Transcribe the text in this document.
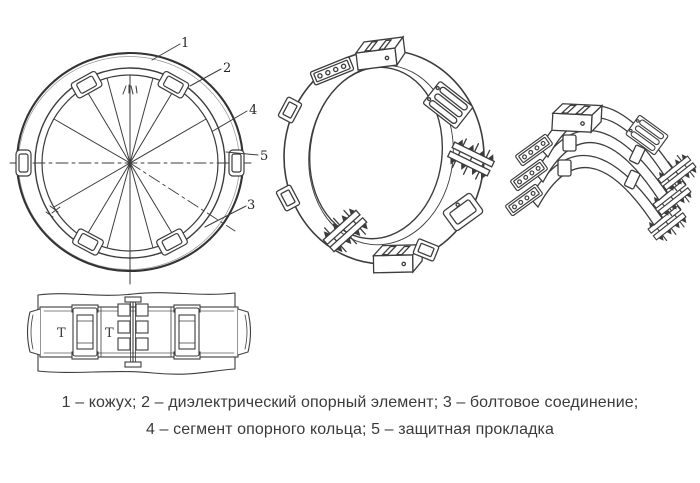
1
2
4
5
3
Т	Т
1 – кожух; 2 – диэлектрический опорный элемент; 3 – болтовое соединение;
4 – сегмент опорного кольца; 5 – защитная прокладка
